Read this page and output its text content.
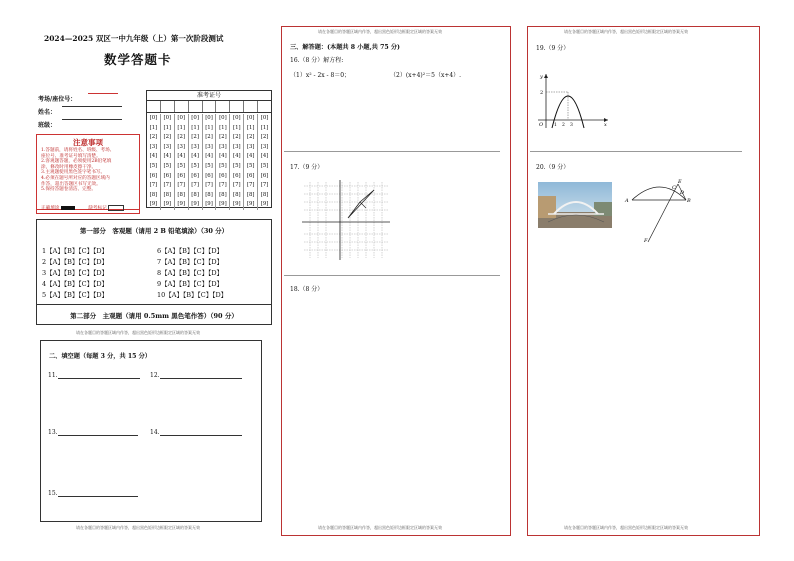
2024—2025 双区一中九年级（上）第一次阶段测试
数学答题卡
考场/座位号：
姓名：
班级：
准考证号
[0]	[0]	[0]	[0]	[0]	[0]	[0]	[0]	[0]
[1]	[1]	[1]	[1]	[1]	[1]	[1]	[1]	[1]
[2]	[2]	[2]	[2]	[2]	[2]	[2]	[2]	[2]
[3]	[3]	[3]	[3]	[3]	[3]	[3]	[3]	[3]
[4]	[4]	[4]	[4]	[4]	[4]	[4]	[4]	[4]
[5]	[5]	[5]	[5]	[5]	[5]	[5]	[5]	[5]
[6]	[6]	[6]	[6]	[6]	[6]	[6]	[6]	[6]
[7]	[7]	[7]	[7]	[7]	[7]	[7]	[7]	[7]
[8]	[8]	[8]	[8]	[8]	[8]	[8]	[8]	[8]
[9]	[9]	[9]	[9]	[9]	[9]	[9]	[9]	[9]
注意事项
1.答题前，请将姓名、班级、考场、
座位号、准考证号填写清楚。
2.客观题答题，必须使用2B铅笔填
涂，修改时用橡皮擦干净。
3.主观题使用黑色签字笔书写。
4.必须在题号所对应的答题区域内
作答，超出答题区书写无效。
5.保持答题卷清洁、完整。
正确填涂	缺考标记
第一部分　客观题（请用 2 B 铅笔填涂）（30 分）
1【A】【B】【C】【D】	6【A】【B】【C】【D】
2【A】【B】【C】【D】	7【A】【B】【C】【D】
3【A】【B】【C】【D】	8【A】【B】【C】【D】
4【A】【B】【C】【D】	9【A】【B】【C】【D】
5【A】【B】【C】【D】	10【A】【B】【C】【D】
第二部分　主观题（请用 0.5mm 黑色笔作答）（90 分）
请在各题目的答题区域内作答，超出黑色矩形边框限定区域的答案无效
二、填空题（每题 3 分，共 15 分）
11.	12.
13.	14.
15.
请在各题目的答题区域内作答，超出黑色矩形边框限定区域的答案无效
请在各题目的答题区域内作答，超出黑色矩形边框限定区域的答案无效
三、解答题：(本题共 8 小题,共 75 分)
16.（8 分）解方程:
（1）x² - 2x - 8＝0；	（2）(x+4)²＝5（x+4）.
17.（9 分）
18.（8 分）
请在各题目的答题区域内作答，超出黑色矩形边框限定区域的答案无效
请在各题目的答题区域内作答，超出黑色矩形边框限定区域的答案无效
19.（9 分）
y
x
O
2
1 2 3
20.（9 分）
A	B
C
D
E
F
请在各题目的答题区域内作答，超出黑色矩形边框限定区域的答案无效
